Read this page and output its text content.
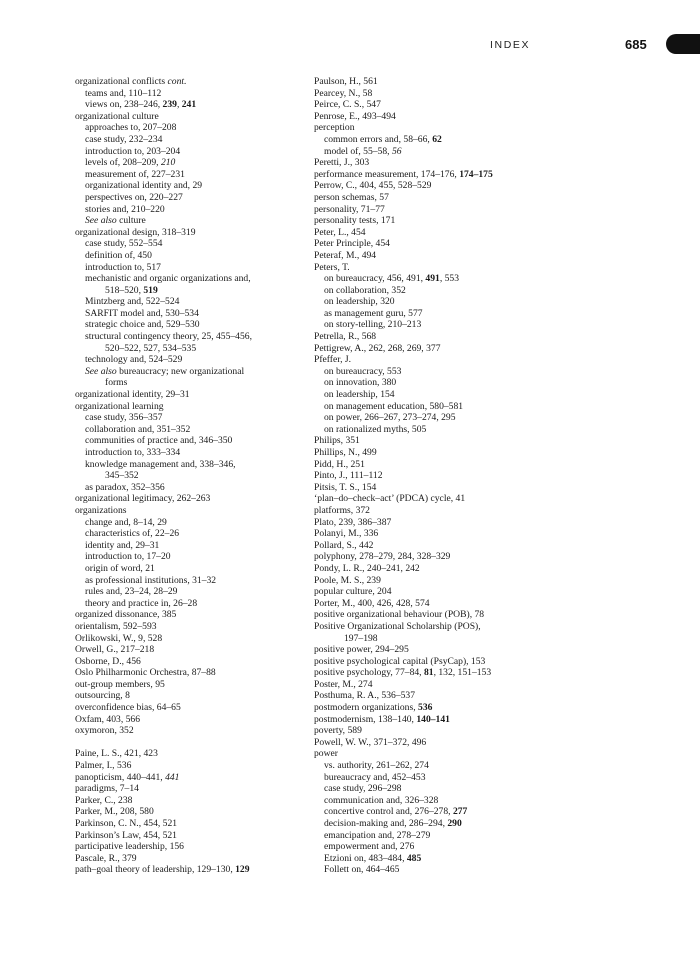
INDEX	685
organizational conflicts cont.
teams and, 110–112
views on, 238–246, 239, 241
organizational culture
approaches to, 207–208
case study, 232–234
introduction to, 203–204
levels of, 208–209, 210
measurement of, 227–231
organizational identity and, 29
perspectives on, 220–227
stories and, 210–220
See also culture
organizational design, 318–319
case study, 552–554
definition of, 450
introduction to, 517
mechanistic and organic organizations and,
518–520, 519
Mintzberg and, 522–524
SARFIT model and, 530–534
strategic choice and, 529–530
structural contingency theory, 25, 455–456,
520–522, 527, 534–535
technology and, 524–529
See also bureaucracy; new organizational
forms
organizational identity, 29–31
organizational learning
case study, 356–357
collaboration and, 351–352
communities of practice and, 346–350
introduction to, 333–334
knowledge management and, 338–346,
345–352
as paradox, 352–356
organizational legitimacy, 262–263
organizations
change and, 8–14, 29
characteristics of, 22–26
identity and, 29–31
introduction to, 17–20
origin of word, 21
as professional institutions, 31–32
rules and, 23–24, 28–29
theory and practice in, 26–28
organized dissonance, 385
orientalism, 592–593
Orlikowski, W., 9, 528
Orwell, G., 217–218
Osborne, D., 456
Oslo Philharmonic Orchestra, 87–88
out-group members, 95
outsourcing, 8
overconfidence bias, 64–65
Oxfam, 403, 566
oxymoron, 352
Paine, L. S., 421, 423
Palmer, I., 536
panopticism, 440–441, 441
paradigms, 7–14
Parker, C., 238
Parker, M., 208, 580
Parkinson, C. N., 454, 521
Parkinson’s Law, 454, 521
participative leadership, 156
Pascale, R., 379
path–goal theory of leadership, 129–130, 129
Paulson, H., 561
Pearcey, N., 58
Peirce, C. S., 547
Penrose, E., 493–494
perception
common errors and, 58–66, 62
model of, 55–58, 56
Peretti, J., 303
performance measurement, 174–176, 174–175
Perrow, C., 404, 455, 528–529
person schemas, 57
personality, 71–77
personality tests, 171
Peter, L., 454
Peter Principle, 454
Peteraf, M., 494
Peters, T.
on bureaucracy, 456, 491, 491, 553
on collaboration, 352
on leadership, 320
as management guru, 577
on story-telling, 210–213
Petrella, R., 568
Pettigrew, A., 262, 268, 269, 377
Pfeffer, J.
on bureaucracy, 553
on innovation, 380
on leadership, 154
on management education, 580–581
on power, 266–267, 273–274, 295
on rationalized myths, 505
Philips, 351
Phillips, N., 499
Pidd, H., 251
Pinto, J., 111–112
Pitsis, T. S., 154
‘plan–do–check–act’ (PDCA) cycle, 41
platforms, 372
Plato, 239, 386–387
Polanyi, M., 336
Pollard, S., 442
polyphony, 278–279, 284, 328–329
Pondy, L. R., 240–241, 242
Poole, M. S., 239
popular culture, 204
Porter, M., 400, 426, 428, 574
positive organizational behaviour (POB), 78
Positive Organizational Scholarship (POS),
197–198
positive power, 294–295
positive psychological capital (PsyCap), 153
positive psychology, 77–84, 81, 132, 151–153
Poster, M., 274
Posthuma, R. A., 536–537
postmodern organizations, 536
postmodernism, 138–140, 140–141
poverty, 589
Powell, W. W., 371–372, 496
power
vs. authority, 261–262, 274
bureaucracy and, 452–453
case study, 296–298
communication and, 326–328
concertive control and, 276–278, 277
decision-making and, 286–294, 290
emancipation and, 278–279
empowerment and, 276
Etzioni on, 483–484, 485
Follett on, 464–465
